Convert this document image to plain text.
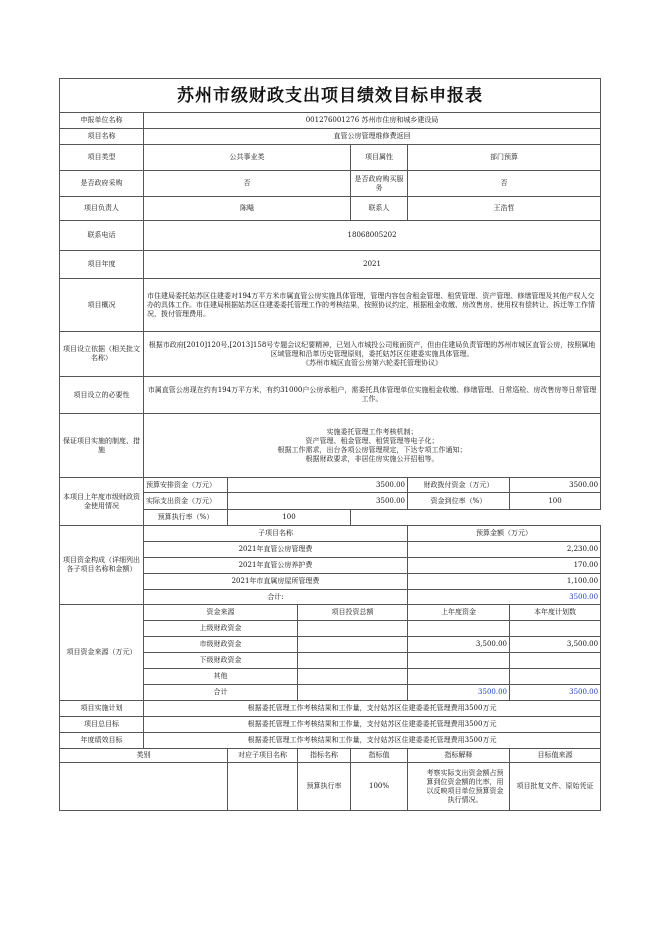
苏州市级财政支出项目绩效目标申报表						
申报单位名称	001276001276 苏州市住房和城乡建设局					
项目名称	直管公房管理维修费返回					
项目类型	公共事业类			项目属性	部门预算	
是否政府采购	否			是否政府购买服务	否	
项目负责人	陈飚			联系人	王浩哲	
联系电话	18068005202					
项目年度	2021					
项目概况	市住建局委托姑苏区住建委对194万平方米市属直管公房实施具体管理，管理内容包含租金管理、租赁管理、资产管理、修缮管理及其他产权人交办的具体工作。市住建局根据姑苏区住建委委托管理工作的考核结果，按照协议约定，根据租金收缴、房改售房、使用权有偿转让、拆迁等工作情况，拨付管理费用。					
项目设立依据（相关批文名称）	根据市政府[2010]120号,[2013]158号专题会议纪要精神，已划入市城投公司账面资产，但由住建局负责管理的苏州市城区直管公房，按照属地区域管理和沿革历史管理原则，委托姑苏区住建委实施具体管理。
《苏州市城区直管公房第六轮委托管理协议》					

项目设立的必要性	市属直管公房现在约有194万平方米，有约31000户公房承租户，需委托具体管理单位实施租金收缴、修缮管理、日常巡检、房改售房等日常管理工作。					
保证项目实施的制度、措施	实施委托管理工作考核机制；
资产管理、租金管理、租赁管理等电子化；
根据工作需求，出台各项公房管理规定，下达专项工作通知；
根据财政要求，非居住房实施公开招租等。					

本项目上年度市级财政资金使用情况	预算安排资金（万元）	3500.00			财政拨付资金（万元）	3500.00
	实际支出资金（万元）	3500.00			资金到位率（%）	100
	预算执行率（%）	100				
项目资金构成（详细列出各子项目名称和金额）	子项目名称				预算金额（万元）	
	2021年直管公房管理费				2,230.00	
	2021年直管公房养护费				170.00	
	2021年市直属房屋所管理费				1,100.00	
	合计:				3500.00	
项目资金来源（万元）	资金来源		项目投资总额		上年度资金	本年度计划数
	上级财政资金					
	市级财政资金				3,500.00	3,500.00
	下级财政资金					
	其他					
	合计				3500.00	3500.00
项目实施计划	根据委托管理工作考核结果和工作量，支付姑苏区住建委委托管理费用3500万元					
项目总目标	根据委托管理工作考核结果和工作量，支付姑苏区住建委委托管理费用3500万元					
年度绩效目标	根据委托管理工作考核结果和工作量，支付姑苏区住建委委托管理费用3500万元					
类别		对应子项目名称	指标名称	指标值	指标解释	目标值来源
			预算执行率	100%	考察实际支出资金额占预算到位资金额的比率，用以反映项目单位预算资金执行情况。	项目批复文件、原始凭证
